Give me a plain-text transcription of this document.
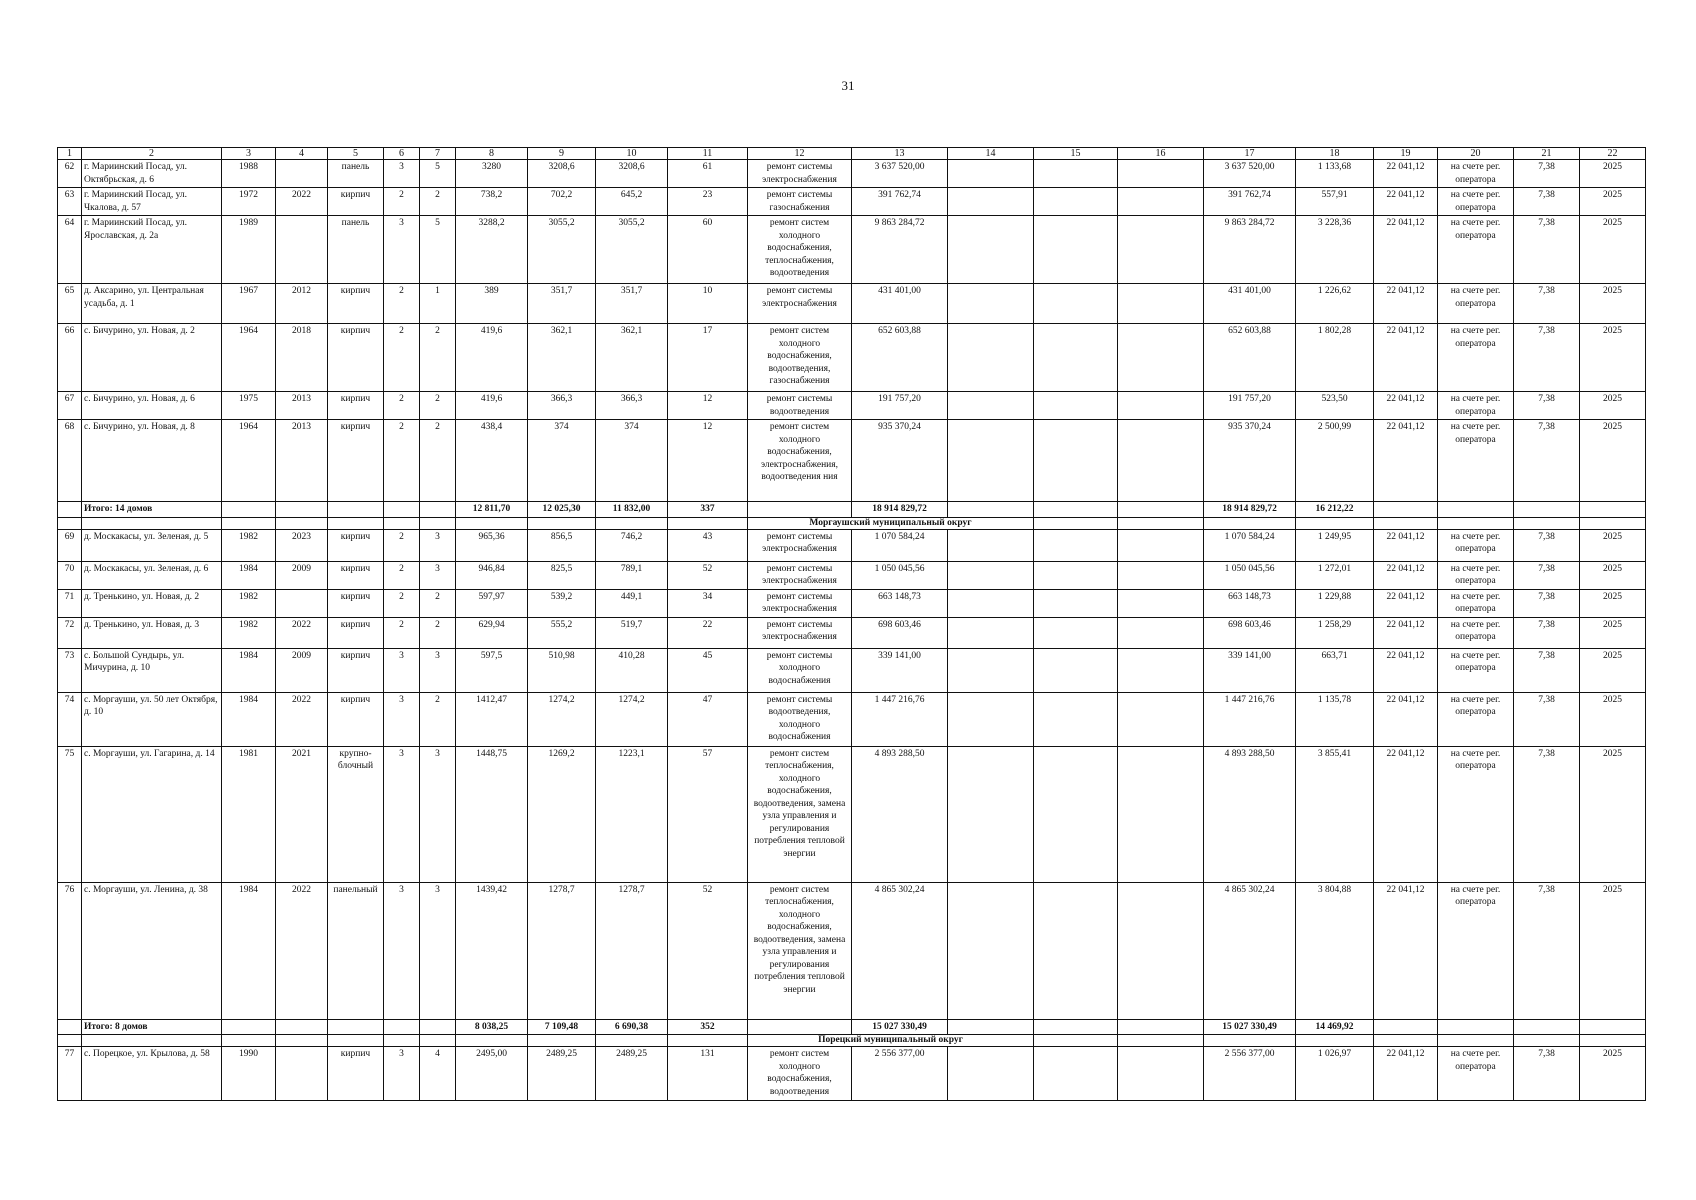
31
1	2	3	4	5	6	7	8	9	10	11	12	13	14	15	16	17	18	19	20	21	22
62	г. Мариинский Посад, ул. Октябрьская, д. 6	1988		панель	3	5	3280	3208,6	3208,6	61	ремонт системы электроснабжения	3 637 520,00				3 637 520,00	1 133,68	22 041,12	на счете рег. оператора	7,38	2025
63	г. Мариинский Посад, ул. Чкалова, д. 57	1972	2022	кирпич	2	2	738,2	702,2	645,2	23	ремонт системы газоснабжения	391 762,74				391 762,74	557,91	22 041,12	на счете рег. оператора	7,38	2025
64	г. Мариинский Посад, ул. Ярославская, д. 2а	1989		панель	3	5	3288,2	3055,2	3055,2	60	ремонт систем холодного водоснабжения, теплоснабжения, водоотведения	9 863 284,72				9 863 284,72	3 228,36	22 041,12	на счете рег. оператора	7,38	2025
65	д. Аксарино, ул. Центральная усадьба, д. 1	1967	2012	кирпич	2	1	389	351,7	351,7	10	ремонт системы электроснабжения	431 401,00				431 401,00	1 226,62	22 041,12	на счете рег. оператора	7,38	2025
66	с. Бичурино, ул. Новая, д. 2	1964	2018	кирпич	2	2	419,6	362,1	362,1	17	ремонт систем холодного водоснабжения, водоотведения, газоснабжения	652 603,88				652 603,88	1 802,28	22 041,12	на счете рег. оператора	7,38	2025
67	с. Бичурино, ул. Новая, д. 6	1975	2013	кирпич	2	2	419,6	366,3	366,3	12	ремонт системы водоотведения	191 757,20				191 757,20	523,50	22 041,12	на счете рег. оператора	7,38	2025
68	с. Бичурино, ул. Новая, д. 8	1964	2013	кирпич	2	2	438,4	374	374	12	ремонт систем холодного водоснабжения, электроснабжения, водоотведения ния	935 370,24				935 370,24	2 500,99	22 041,12	на счете рег. оператора	7,38	2025
	Итого: 14 домов						12 811,70	12 025,30	11 832,00	337		18 914 829,72				18 914 829,72	16 212,22				
											Моргаушский муниципальный округ										
69	д. Москакасы, ул. Зеленая, д. 5	1982	2023	кирпич	2	3	965,36	856,5	746,2	43	ремонт системы электроснабжения	1 070 584,24				1 070 584,24	1 249,95	22 041,12	на счете рег. оператора	7,38	2025
70	д. Москакасы, ул. Зеленая, д. 6	1984	2009	кирпич	2	3	946,84	825,5	789,1	52	ремонт системы электроснабжения	1 050 045,56				1 050 045,56	1 272,01	22 041,12	на счете рег. оператора	7,38	2025
71	д. Тренькино, ул. Новая, д. 2	1982		кирпич	2	2	597,97	539,2	449,1	34	ремонт системы электроснабжения	663 148,73				663 148,73	1 229,88	22 041,12	на счете рег. оператора	7,38	2025
72	д. Тренькино, ул. Новая, д. 3	1982	2022	кирпич	2	2	629,94	555,2	519,7	22	ремонт системы электроснабжения	698 603,46				698 603,46	1 258,29	22 041,12	на счете рег. оператора	7,38	2025
73	с. Большой Сундырь, ул. Мичурина, д. 10	1984	2009	кирпич	3	3	597,5	510,98	410,28	45	ремонт системы холодного водоснабжения	339 141,00				339 141,00	663,71	22 041,12	на счете рег. оператора	7,38	2025
74	с. Моргауши, ул. 50 лет Октября, д. 10	1984	2022	кирпич	3	2	1412,47	1274,2	1274,2	47	ремонт системы водоотведения, холодного водоснабжения	1 447 216,76				1 447 216,76	1 135,78	22 041,12	на счете рег. оператора	7,38	2025
75	с. Моргауши, ул. Гагарина, д. 14	1981	2021	крупно-блочный	3	3	1448,75	1269,2	1223,1	57	ремонт систем теплоснабжения, холодного водоснабжения, водоотведения, замена узла управления и регулирования потребления тепловой энергии	4 893 288,50				4 893 288,50	3 855,41	22 041,12	на счете рег. оператора	7,38	2025
76	с. Моргауши, ул. Ленина, д. 38	1984	2022	панельный	3	3	1439,42	1278,7	1278,7	52	ремонт систем теплоснабжения, холодного водоснабжения, водоотведения, замена узла управления и регулирования потребления тепловой энергии	4 865 302,24				4 865 302,24	3 804,88	22 041,12	на счете рег. оператора	7,38	2025
	Итого: 8 домов						8 038,25	7 109,48	6 690,38	352		15 027 330,49				15 027 330,49	14 469,92				
											Порецкий муниципальный округ										
77	с. Порецкое, ул. Крылова, д. 58	1990		кирпич	3	4	2495,00	2489,25	2489,25	131	ремонт систем холодного водоснабжения, водоотведения	2 556 377,00				2 556 377,00	1 026,97	22 041,12	на счете рег. оператора	7,38	2025
